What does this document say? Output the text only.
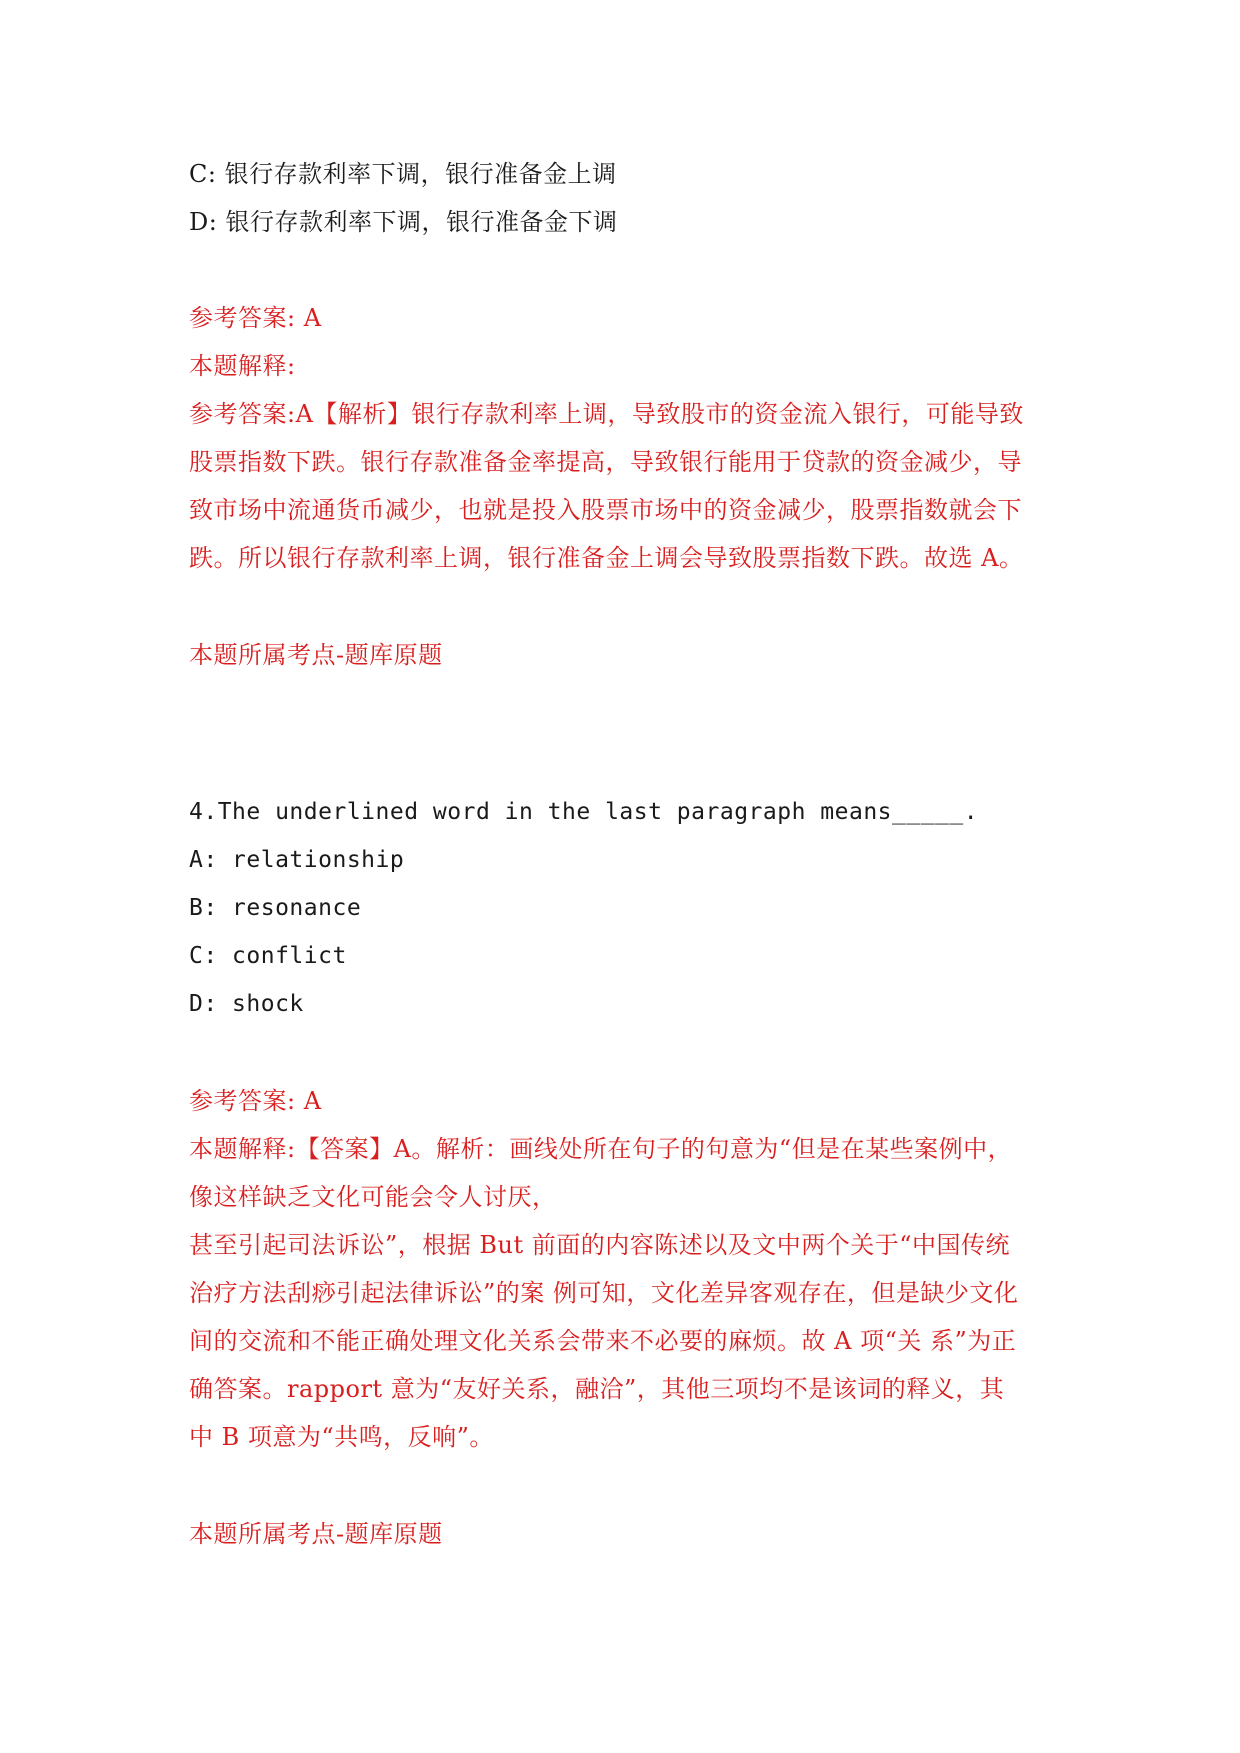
C: 银行存款利率下调，银行准备金上调
D: 银行存款利率下调，银行准备金下调
参考答案: A
本题解释:
参考答案:A【解析】银行存款利率上调，导致股市的资金流入银行，可能导致
股票指数下跌。银行存款准备金率提高，导致银行能用于贷款的资金减少，导
致市场中流通货币减少，也就是投入股票市场中的资金减少，股票指数就会下
跌。所以银行存款利率上调，银行准备金上调会导致股票指数下跌。故选 A。
本题所属考点-题库原题
4.The underlined word in the last paragraph means_____.
A: relationship
B: resonance
C: conflict
D: shock
参考答案: A
本题解释:【答案】A。解析：画线处所在句子的句意为“但是在某些案例中，
像这样缺乏文化可能会令人讨厌，
甚至引起司法诉讼”，根据 But 前面的内容陈述以及文中两个关于“中国传统
治疗方法刮痧引起法律诉讼”的案 例可知，文化差异客观存在，但是缺少文化
间的交流和不能正确处理文化关系会带来不必要的麻烦。故 A 项“关 系”为正
确答案。rapport 意为“友好关系，融洽”，其他三项均不是该词的释义，其
中 B 项意为“共鸣，反响”。
本题所属考点-题库原题
